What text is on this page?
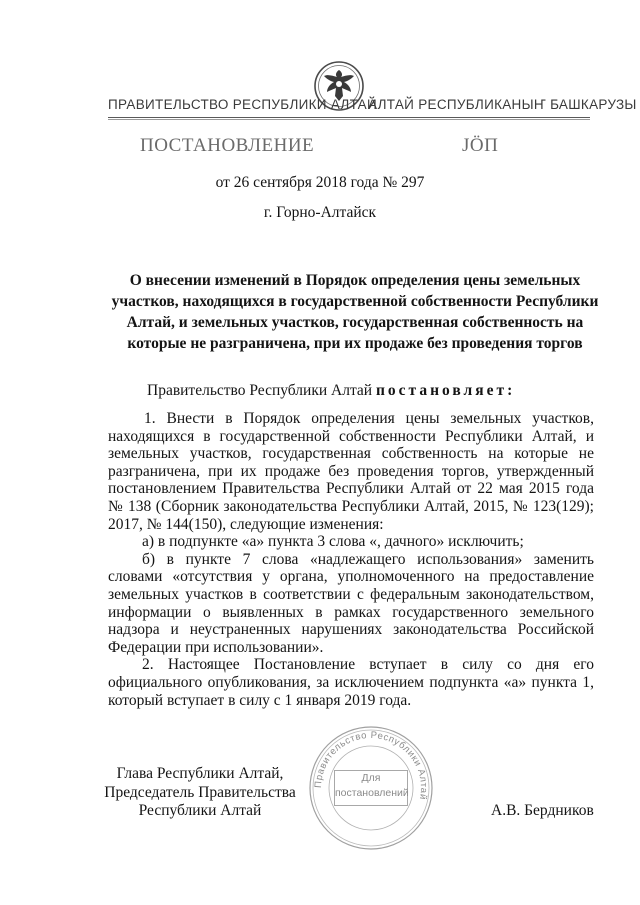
ПРАВИТЕЛЬСТВО РЕСПУБЛИКИ АЛТАЙ
АЛТАЙ РЕСПУБЛИКАНЫҤ БАШКАРУЗЫ
ПОСТАНОВЛЕНИЕ	JӦП
от 26 сентября 2018 года № 297
г. Горно-Алтайск
О внесении изменений в Порядок определения цены земельных
участков, находящихся в государственной собственности Республики
Алтай, и земельных участков, государственная собственность на
которые не разграничена, при их продаже без проведения торгов
Правительство Республики Алтай постановляет:

1. Внести в Порядок определения цены земельных участков, находящихся в государственной собственности Республики Алтай, и земельных участков, государственная собственность на которые не разграничена, при их продаже без проведения торгов, утвержденный постановлением Правительства Республики Алтай от 22 мая 2015 года № 138 (Сборник законодательства Республики Алтай, 2015, № 123(129); 2017, № 144(150), следующие изменения:

а) в подпункте «а» пункта 3 слова «, дачного» исключить;

б) в пункте 7 слова «надлежащего использования» заменить словами «отсутствия у органа, уполномоченного на предоставление земельных участков в соответствии с федеральным законодательством, информации о выявленных в рамках государственного земельного надзора и неустраненных нарушениях законодательства Российской Федерации при использовании».

2. Настоящее Постановление вступает в силу со дня его официального опубликования, за исключением подпункта «а» пункта 1, который вступает в силу с 1 января 2019 года.

Глава Республики Алтай,
Председатель Правительства
Республики Алтай	А.В. Бердников
Правительство Республики Алтай
Для
постановлений
